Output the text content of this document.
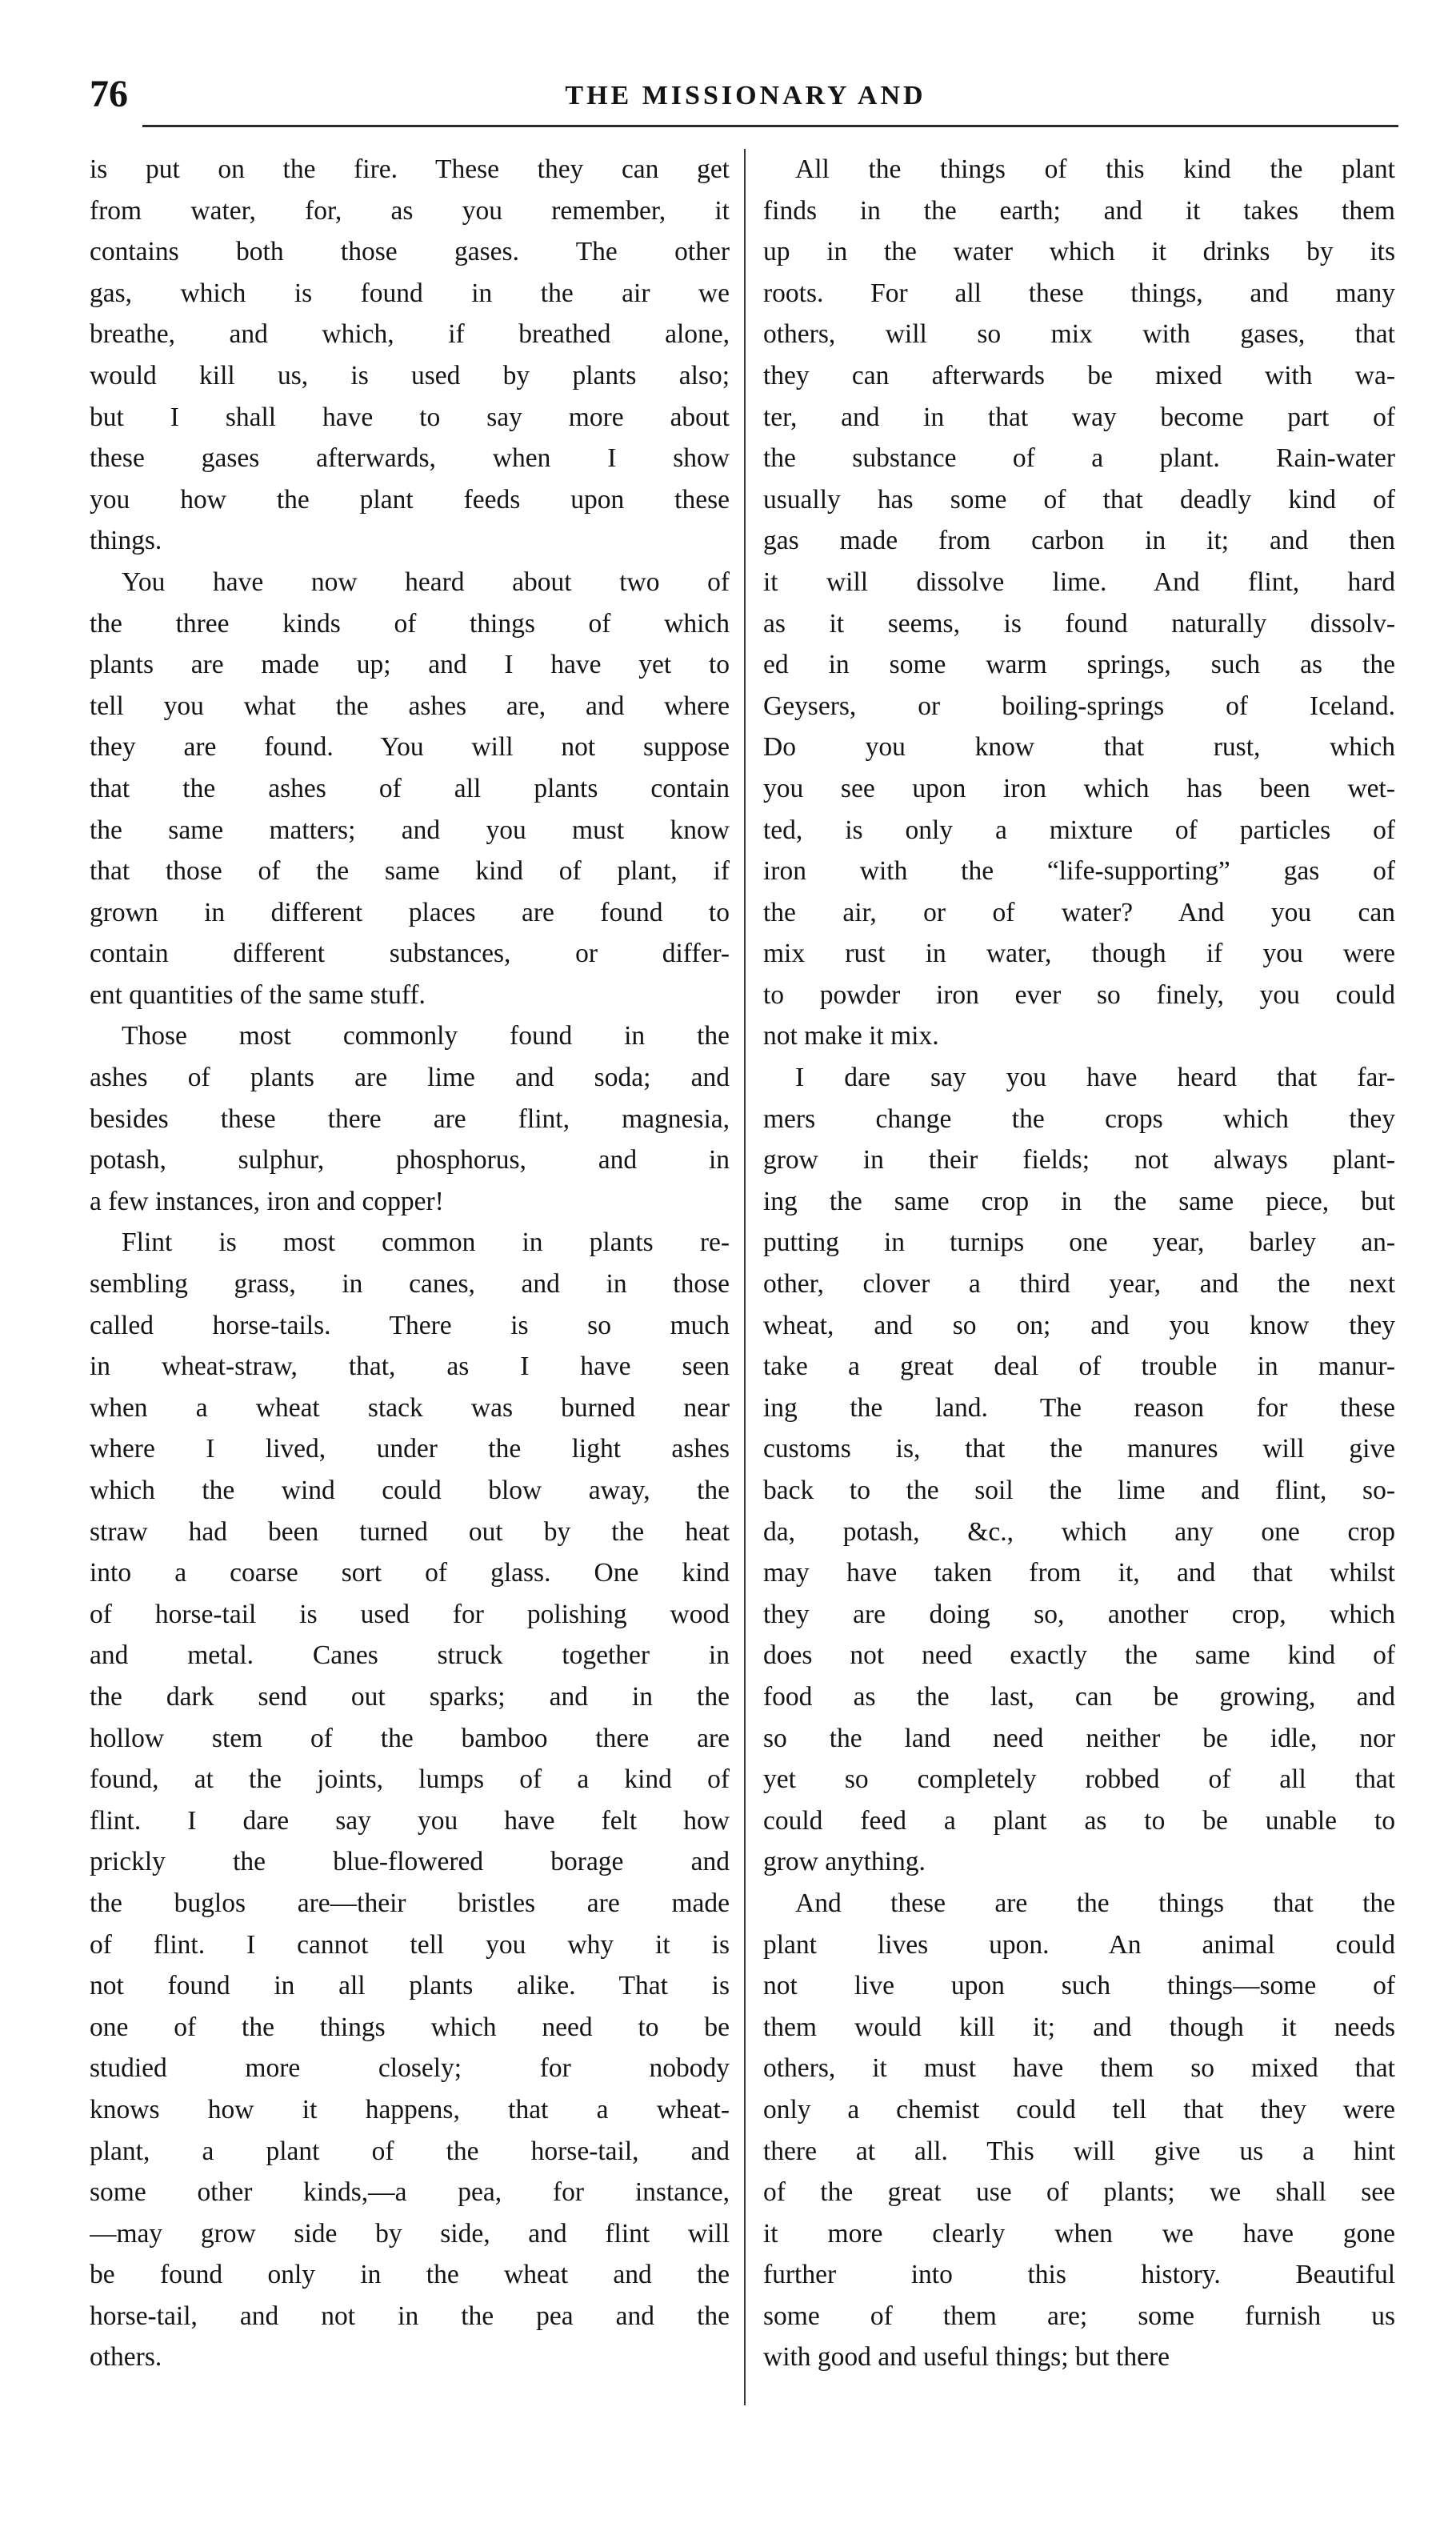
76	THE MISSIONARY AND

is put on the fire. These they can get
from water, for, as you remember, it
contains both those gases. The other
gas, which is found in the air we
breathe, and which, if breathed alone,
would kill us, is used by plants also;
but I shall have to say more about
these gases afterwards, when I show
you how the plant feeds upon these
things.

You have now heard about two of
the three kinds of things of which
plants are made up; and I have yet to
tell you what the ashes are, and where
they are found. You will not suppose
that the ashes of all plants contain
the same matters; and you must know
that those of the same kind of plant, if
grown in different places are found to
contain different substances, or differ-
ent quantities of the same stuff.

Those most commonly found in the
ashes of plants are lime and soda; and
besides these there are flint, magnesia,
potash, sulphur, phosphorus, and in
a few instances, iron and copper!

Flint is most common in plants re-
sembling grass, in canes, and in those
called horse-tails. There is so much
in wheat-straw, that, as I have seen
when a wheat stack was burned near
where I lived, under the light ashes
which the wind could blow away, the
straw had been turned out by the heat
into a coarse sort of glass. One kind
of horse-tail is used for polishing wood
and metal. Canes struck together in
the dark send out sparks; and in the
hollow stem of the bamboo there are
found, at the joints, lumps of a kind of
flint. I dare say you have felt how
prickly the blue-flowered borage and
the buglos are—their bristles are made
of flint. I cannot tell you why it is
not found in all plants alike. That is
one of the things which need to be
studied more closely; for nobody
knows how it happens, that a wheat-
plant, a plant of the horse-tail, and
some other kinds,—a pea, for instance,
—may grow side by side, and flint will
be found only in the wheat and the
horse-tail, and not in the pea and the
others.

All the things of this kind the plant
finds in the earth; and it takes them
up in the water which it drinks by its
roots. For all these things, and many
others, will so mix with gases, that
they can afterwards be mixed with wa-
ter, and in that way become part of
the substance of a plant. Rain-water
usually has some of that deadly kind of
gas made from carbon in it; and then
it will dissolve lime. And flint, hard
as it seems, is found naturally dissolv-
ed in some warm springs, such as the
Geysers, or boiling-springs of Iceland.
Do you know that rust, which
you see upon iron which has been wet-
ted, is only a mixture of particles of
iron with the “life-supporting” gas of
the air, or of water? And you can
mix rust in water, though if you were
to powder iron ever so finely, you could
not make it mix.

I dare say you have heard that far-
mers change the crops which they
grow in their fields; not always plant-
ing the same crop in the same piece, but
putting in turnips one year, barley an-
other, clover a third year, and the next
wheat, and so on; and you know they
take a great deal of trouble in manur-
ing the land. The reason for these
customs is, that the manures will give
back to the soil the lime and flint, so-
da, potash, &c., which any one crop
may have taken from it, and that whilst
they are doing so, another crop, which
does not need exactly the same kind of
food as the last, can be growing, and
so the land need neither be idle, nor
yet so completely robbed of all that
could feed a plant as to be unable to
grow anything.

And these are the things that the
plant lives upon. An animal could
not live upon such things—some of
them would kill it; and though it needs
others, it must have them so mixed that
only a chemist could tell that they were
there at all. This will give us a hint
of the great use of plants; we shall see
it more clearly when we have gone
further into this history. Beautiful
some of them are; some furnish us
with good and useful things; but there
